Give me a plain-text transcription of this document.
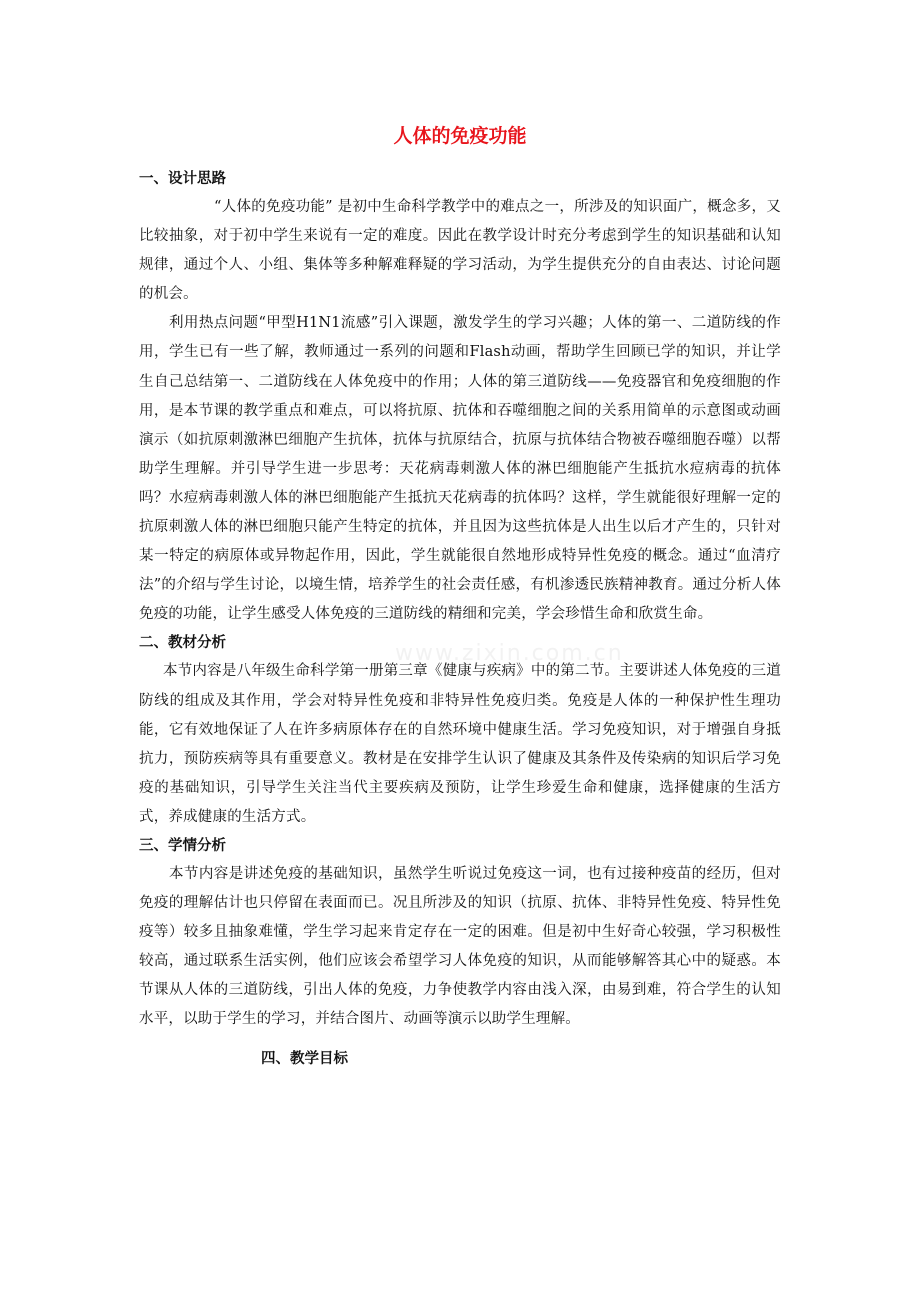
人体的免疫功能
一、设计思路

“人体的免疫功能” 是初中生命科学教学中的难点之一，所涉及的知识面广，概念多，又比较抽象，对于初中学生来说有一定的难度。因此在教学设计时充分考虑到学生的知识基础和认知规律，通过个人、小组、集体等多种解难释疑的学习活动，为学生提供充分的自由表达、讨论问题的机会。

利用热点问题“甲型H1N1流感”引入课题，激发学生的学习兴趣；人体的第一、二道防线的作用，学生已有一些了解，教师通过一系列的问题和Flash动画，帮助学生回顾已学的知识，并让学生自己总结第一、二道防线在人体免疫中的作用；人体的第三道防线——免疫器官和免疫细胞的作用，是本节课的教学重点和难点，可以将抗原、抗体和吞噬细胞之间的关系用简单的示意图或动画演示（如抗原刺激淋巴细胞产生抗体，抗体与抗原结合，抗原与抗体结合物被吞噬细胞吞噬）以帮助学生理解。并引导学生进一步思考：天花病毒刺激人体的淋巴细胞能产生抵抗水痘病毒的抗体吗？水痘病毒刺激人体的淋巴细胞能产生抵抗天花病毒的抗体吗？这样，学生就能很好理解一定的抗原刺激人体的淋巴细胞只能产生特定的抗体，并且因为这些抗体是人出生以后才产生的，只针对某一特定的病原体或异物起作用，因此，学生就能很自然地形成特异性免疫的概念。通过“血清疗法”的介绍与学生讨论，以境生情，培养学生的社会责任感，有机渗透民族精神教育。通过分析人体免疫的功能，让学生感受人体免疫的三道防线的精细和完美，学会珍惜生命和欣赏生命。

二、教材分析

本节内容是八年级生命科学第一册第三章《健康与疾病》中的第二节。主要讲述人体免疫的三道防线的组成及其作用，学会对特异性免疫和非特异性免疫归类。免疫是人体的一种保护性生理功能，它有效地保证了人在许多病原体存在的自然环境中健康生活。学习免疫知识，对于增强自身抵抗力，预防疾病等具有重要意义。教材是在安排学生认识了健康及其条件及传染病的知识后学习免疫的基础知识，引导学生关注当代主要疾病及预防，让学生珍爱生命和健康，选择健康的生活方式，养成健康的生活方式。

三、学情分析

本节内容是讲述免疫的基础知识，虽然学生听说过免疫这一词，也有过接种疫苗的经历，但对免疫的理解估计也只停留在表面而已。况且所涉及的知识（抗原、抗体、非特异性免疫、特异性免疫等）较多且抽象难懂，学生学习起来肯定存在一定的困难。但是初中生好奇心较强，学习积极性较高，通过联系生活实例，他们应该会希望学习人体免疫的知识，从而能够解答其心中的疑惑。本节课从人体的三道防线，引出人体的免疫，力争使教学内容由浅入深，由易到难，符合学生的认知水平，以助于学生的学习，并结合图片、动画等演示以助学生理解。

四、教学目标
www.zixin.com.cn
